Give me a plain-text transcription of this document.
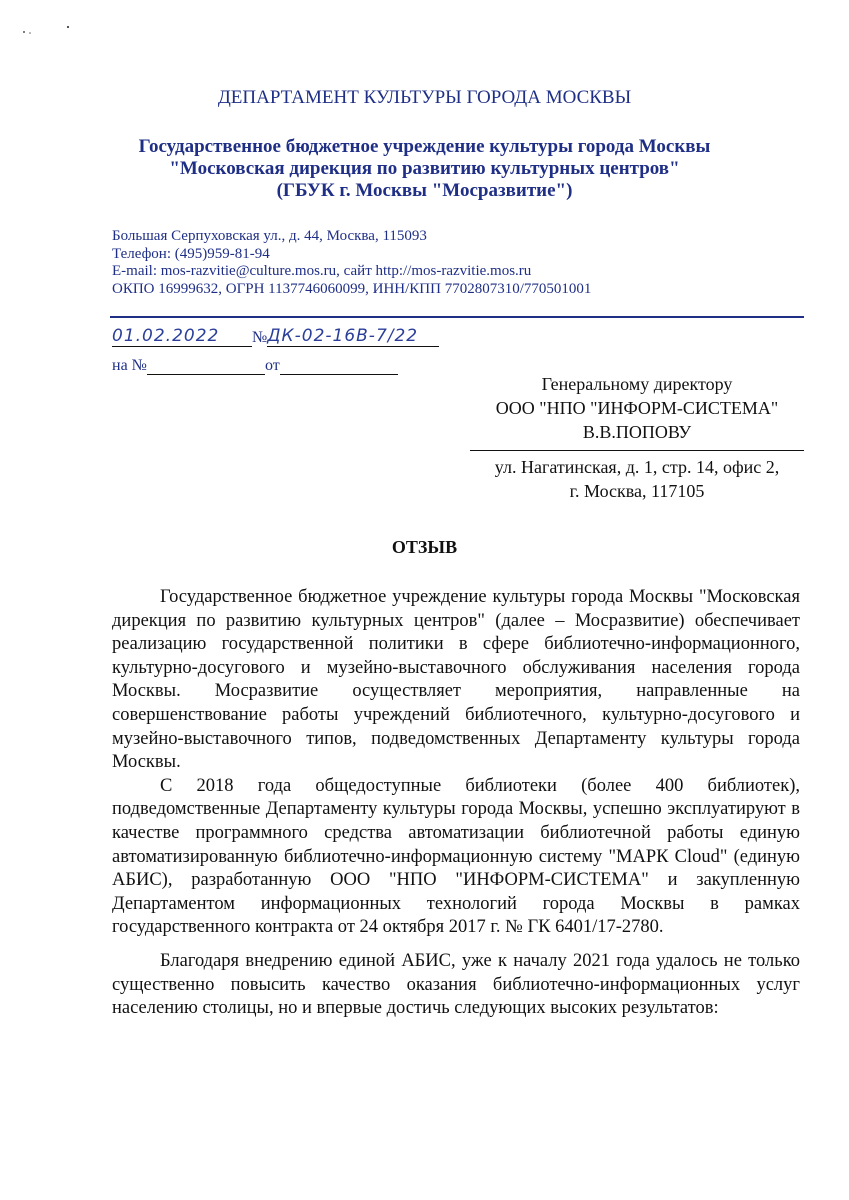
ДЕПАРТАМЕНТ КУЛЬТУРЫ ГОРОДА МОСКВЫ
Государственное бюджетное учреждение культуры города Москвы
"Московская дирекция по развитию культурных центров"
(ГБУК г. Москвы "Мосразвитие")
Большая Серпуховская ул., д. 44, Москва, 115093
Телефон: (495)959-81-94
E-mail: mos-razvitie@culture.mos.ru, сайт http://mos-razvitie.mos.ru
ОКПО 16999632, ОГРН 1137746060099, ИНН/КПП 7702807310/770501001
01.02.2022 №ДК-02-16В-7/22
на №	от
Генеральному директору
ООО "НПО "ИНФОРМ-СИСТЕМА"
В.В.ПОПОВУ
ул. Нагатинская, д. 1, стр. 14, офис 2,
г. Москва, 117105
ОТЗЫВ

Государственное бюджетное учреждение культуры города Москвы "Московская дирекция по развитию культурных центров" (далее – Мосразвитие) обеспечивает реализацию государственной политики в сфере библиотечно-информационного, культурно-досугового и музейно-выставочного обслуживания населения города Москвы. Мосразвитие осуществляет мероприятия, направленные на совершенствование работы учреждений библиотечного, культурно-досугового и музейно-выставочного типов, подведомственных Департаменту культуры города Москвы.

С 2018 года общедоступные библиотеки (более 400 библиотек), подведомственные Департаменту культуры города Москвы, успешно эксплуатируют в качестве программного средства автоматизации библиотечной работы единую автоматизированную библиотечно-информационную систему "МАРК Cloud" (единую АБИС), разработанную ООО "НПО "ИНФОРМ-СИСТЕМА" и закупленную Департаментом информационных технологий города Москвы в рамках государственного контракта от 24 октября 2017 г. № ГК 6401/17-2780.

Благодаря внедрению единой АБИС, уже к началу 2021 года удалось не только существенно повысить качество оказания библиотечно-информационных услуг населению столицы, но и впервые достичь следующих высоких результатов:
